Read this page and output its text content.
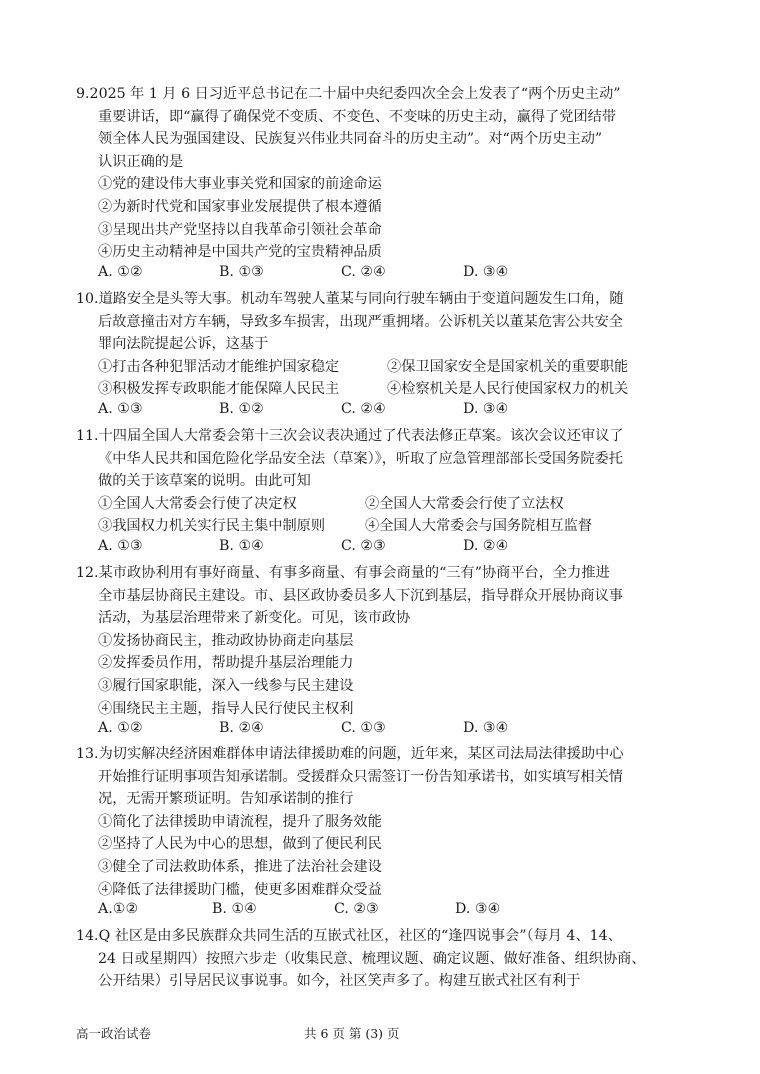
9.2025 年 1 月 6 日习近平总书记在二十届中央纪委四次全会上发表了“两个历史主动”
重要讲话，即“赢得了确保党不变质、不变色、不变味的历史主动，赢得了党团结带
领全体人民为强国建设、民族复兴伟业共同奋斗的历史主动”。对“两个历史主动”
认识正确的是
①党的建设伟大事业事关党和国家的前途命运
②为新时代党和国家事业发展提供了根本遵循
③呈现出共产党坚持以自我革命引领社会革命
④历史主动精神是中国共产党的宝贵精神品质
A. ①②	B. ①③	C. ②④	D. ③④
10.道路安全是头等大事。机动车驾驶人董某与同向行驶车辆由于变道问题发生口角，随
后故意撞击对方车辆，导致多车损害，出现严重拥堵。公诉机关以董某危害公共安全
罪向法院提起公诉，这基于
①打击各种犯罪活动才能维护国家稳定	②保卫国家安全是国家机关的重要职能
③积极发挥专政职能才能保障人民民主	④检察机关是人民行使国家权力的机关
A. ①③	B. ①②	C. ②④	D. ③④
11.十四届全国人大常委会第十三次会议表决通过了代表法修正草案。该次会议还审议了
《中华人民共和国危险化学品安全法（草案）》，听取了应急管理部部长受国务院委托
做的关于该草案的说明。由此可知
①全国人大常委会行使了决定权	②全国人大常委会行使了立法权
③我国权力机关实行民主集中制原则	④全国人大常委会与国务院相互监督
A. ①③	B. ①④	C. ②③	D. ②④
12.某市政协利用有事好商量、有事多商量、有事会商量的“三有”协商平台，全力推进
全市基层协商民主建设。市、县区政协委员多人下沉到基层，指导群众开展协商议事
活动，为基层治理带来了新变化。可见，该市政协
①发扬协商民主，推动政协协商走向基层
②发挥委员作用，帮助提升基层治理能力
③履行国家职能，深入一线参与民主建设
④围绕民主主题，指导人民行使民主权利
A. ①②	B. ②④	C. ①③	D. ③④
13.为切实解决经济困难群体申请法律援助难的问题，近年来，某区司法局法律援助中心
开始推行证明事项告知承诺制。受援群众只需签订一份告知承诺书，如实填写相关情
况，无需开繁琐证明。告知承诺制的推行
①简化了法律援助申请流程，提升了服务效能
②坚持了人民为中心的思想，做到了便民利民
③健全了司法救助体系，推进了法治社会建设
④降低了法律援助门槛，使更多困难群众受益
A.①②	B. ①④	C. ②③	D. ③④
14.Q 社区是由多民族群众共同生活的互嵌式社区，社区的“逢四说事会”（每月 4、14、
24 日或星期四）按照六步走（收集民意、梳理议题、确定议题、做好准备、组织协商、
公开结果）引导居民议事说事。如今，社区笑声多了。构建互嵌式社区有利于
高一政治试卷	共 6 页 第 (3) 页
